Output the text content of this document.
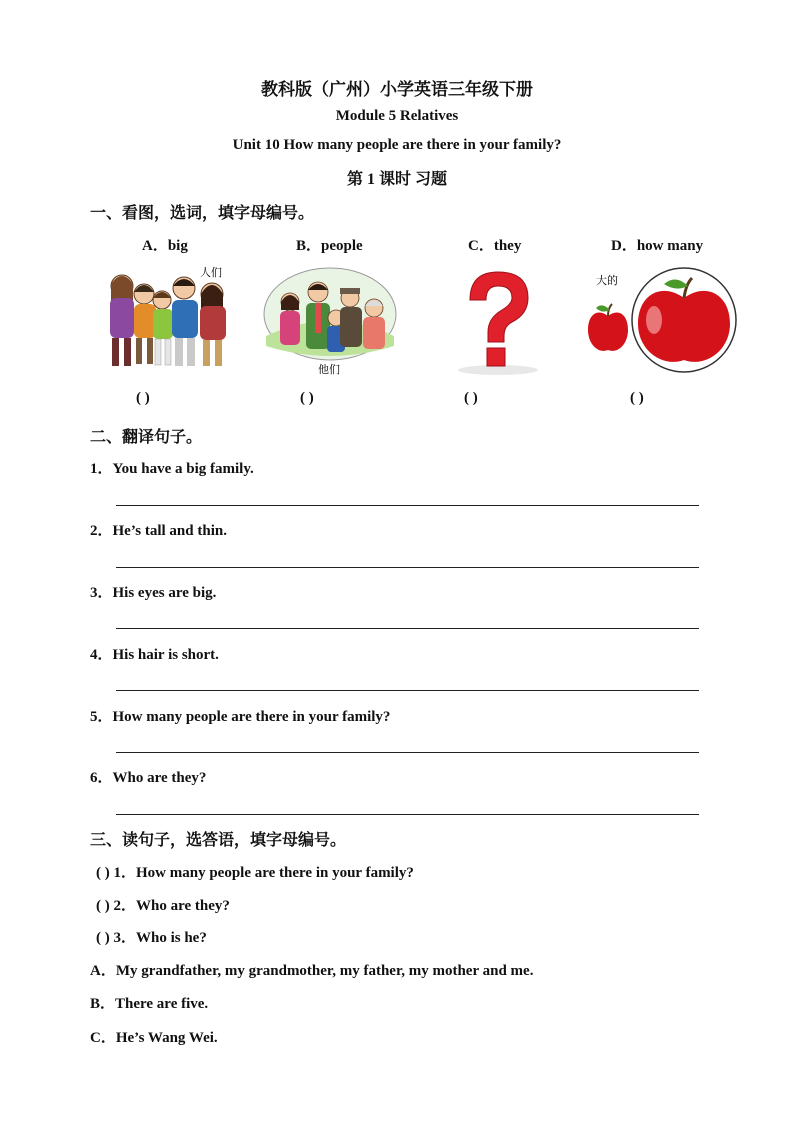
教科版（广州）小学英语三年级下册
Module 5 Relatives
Unit 10 How many people are there in your family?
第 1 课时 习题
一、看图，选词，填字母编号。
A．big	B．people	C．they	D．how many
人们
他们
大的
( )	( )	( )	( )
二、翻译句子。
1．You have a big family.
2．He’s tall and thin.
3．His eyes are big.
4．His hair is short.
5．How many people are there in your family?
6．Who are they?
三、读句子，选答语，填字母编号。
( ) 1．How many people are there in your family?
( ) 2．Who are they?
( ) 3．Who is he?
A．My grandfather, my grandmother, my father, my mother and me.
B．There are five.
C．He’s Wang Wei.
